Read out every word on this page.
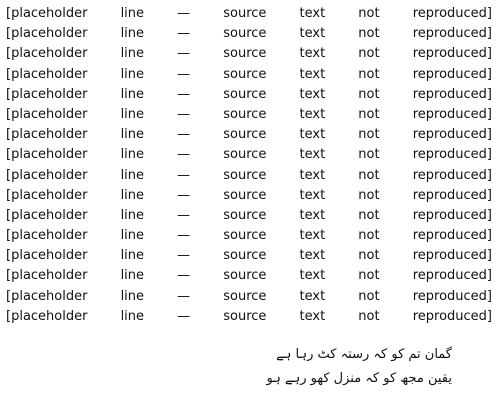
[placeholder line — source text not reproduced]
[placeholder line — source text not reproduced]
[placeholder line — source text not reproduced]
[placeholder line — source text not reproduced]
[placeholder line — source text not reproduced]
[placeholder line — source text not reproduced]
[placeholder line — source text not reproduced]
[placeholder line — source text not reproduced]
[placeholder line — source text not reproduced]
[placeholder line — source text not reproduced]
[placeholder line — source text not reproduced]
[placeholder line — source text not reproduced]
[placeholder line — source text not reproduced]
[placeholder line — source text not reproduced]
[placeholder line — source text not reproduced]
[placeholder line — source text not reproduced]
گمان تم کو کہ رستہ کٹ رہا ہے
یقین مجھ کو کہ منزل کھو رہے ہو
